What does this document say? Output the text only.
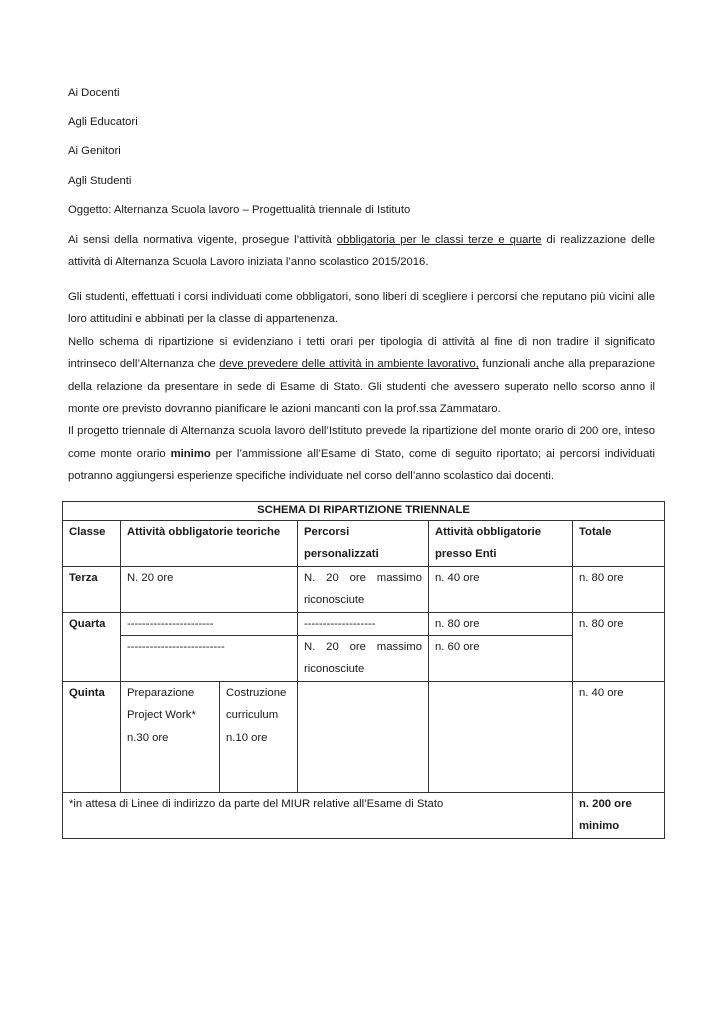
Ai Docenti
Agli Educatori
Ai Genitori
Agli Studenti
Oggetto: Alternanza Scuola lavoro – Progettualità triennale di Istituto
Ai sensi della normativa vigente, prosegue l’attività obbligatoria per le classi terze e quarte di realizzazione delle attività di Alternanza Scuola Lavoro iniziata l’anno scolastico 2015/2016.

Gli studenti, effettuati i corsi individuati come obbligatori, sono liberi di scegliere i percorsi che reputano più vicini alle loro attitudini e abbinati per la classe di appartenenza.

Nello schema di ripartizione si evidenziano i tetti orari per tipologia di attività al fine di non tradire il significato intrinseco dell’Alternanza che deve prevedere delle attività in ambiente lavorativo, funzionali anche alla preparazione della relazione da presentare in sede di Esame di Stato. Gli studenti che avessero superato nello scorso anno il monte ore previsto dovranno pianificare le azioni mancanti con la prof.ssa Zammataro.

Il progetto triennale di Alternanza scuola lavoro dell’Istituto prevede la ripartizione del monte orario di 200 ore, inteso come monte orario minimo per l’ammissione all’Esame di Stato, come di seguito riportato; ai percorsi individuati potranno aggiungersi esperienze specifiche individuate nel corso dell’anno scolastico dai docenti.

SCHEMA DI RIPARTIZIONE TRIENNALE					
Classe	Attività obbligatorie teoriche		Percorsi personalizzati	Attività obbligatorie presso Enti	Totale
Terza	N. 20 ore		N. 20 ore massimo riconosciute	n. 40 ore	n. 80 ore
Quarta	-----------------------		-------------------	n. 80 ore	n. 80 ore
	--------------------------		N. 20 ore massimo riconosciute	n. 60 ore	
Quinta	Preparazione Project Work* n.30 ore	Costruzione curriculum n.10 ore			n. 40 ore
*in attesa di Linee di indirizzo da parte del MIUR relative all’Esame di Stato					n. 200 ore minimo
